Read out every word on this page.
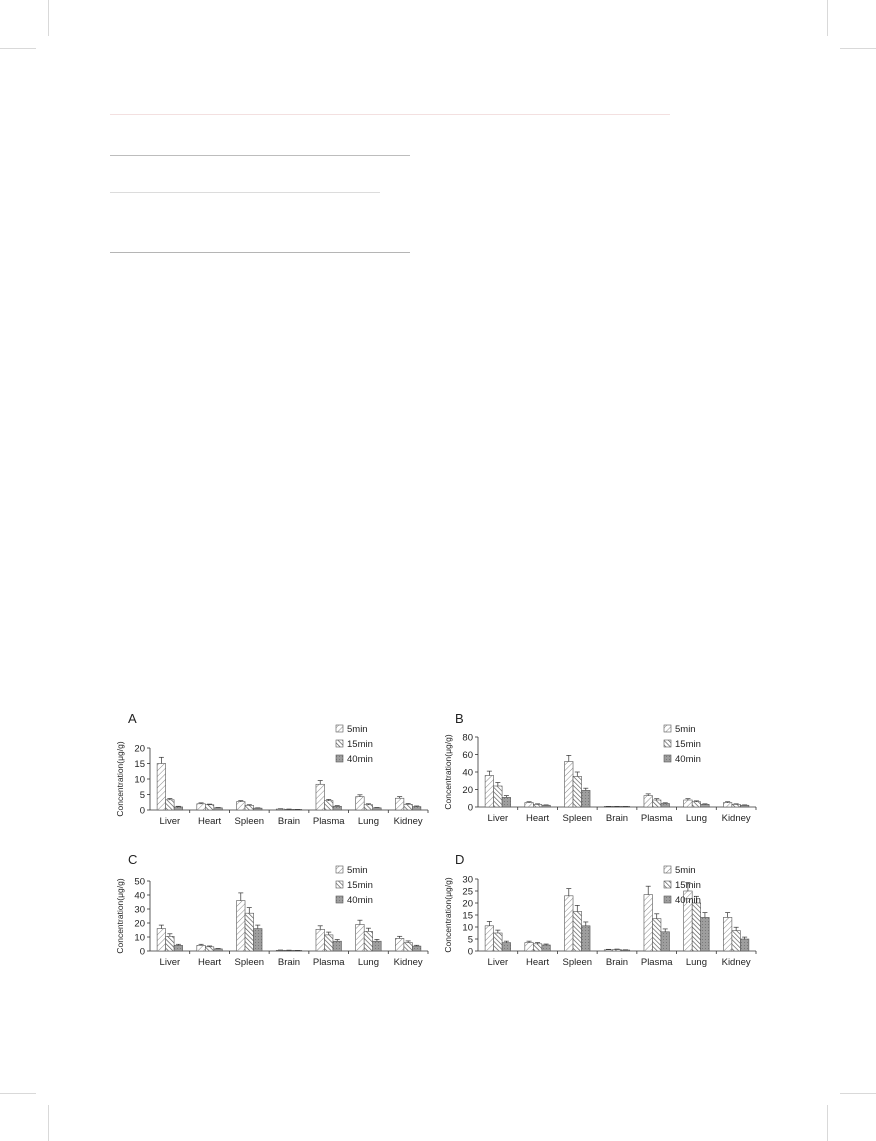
A
Concentration(μg/g) 0
5
10
15
20
Liver Heart Spleen Brain Plasma Lung Kidney
5min
15min
40min
B
Concentration(μg/g) 0
20
40
60
80
Liver Heart Spleen Brain Plasma Lung Kidney
5min
15min
40min
C
Concentration(μg/g) 0
10
20
30
40
50
Liver Heart Spleen Brain Plasma Lung Kidney
5min
15min
40min
D
Concentration(μg/g) 0
5
10
15
20
25
30
Liver Heart Spleen Brain Plasma Lung Kidney
5min
15min
40min
